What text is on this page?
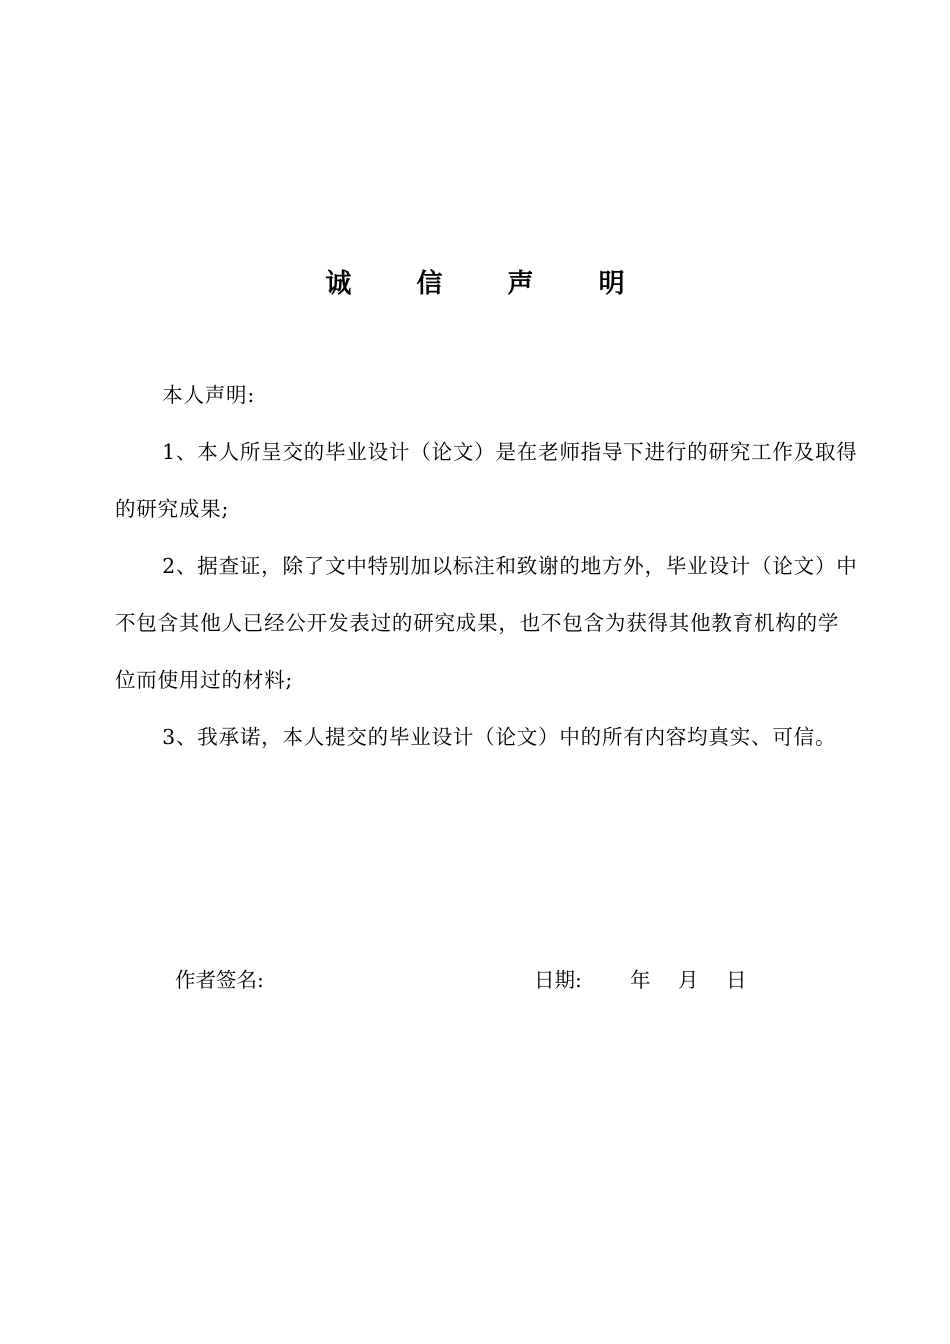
诚 信 声 明

本人声明:

1、本人所呈交的毕业设计（论文）是在老师指导下进行的研究工作及取得的研究成果;

2、据查证，除了文中特别加以标注和致谢的地方外，毕业设计（论文）中不包含其他人已经公开发表过的研究成果，也不包含为获得其他教育机构的学位而使用过的材料;

3、我承诺，本人提交的毕业设计（论文）中的所有内容均真实、可信。

作者签名:	日期: 年 月 日
